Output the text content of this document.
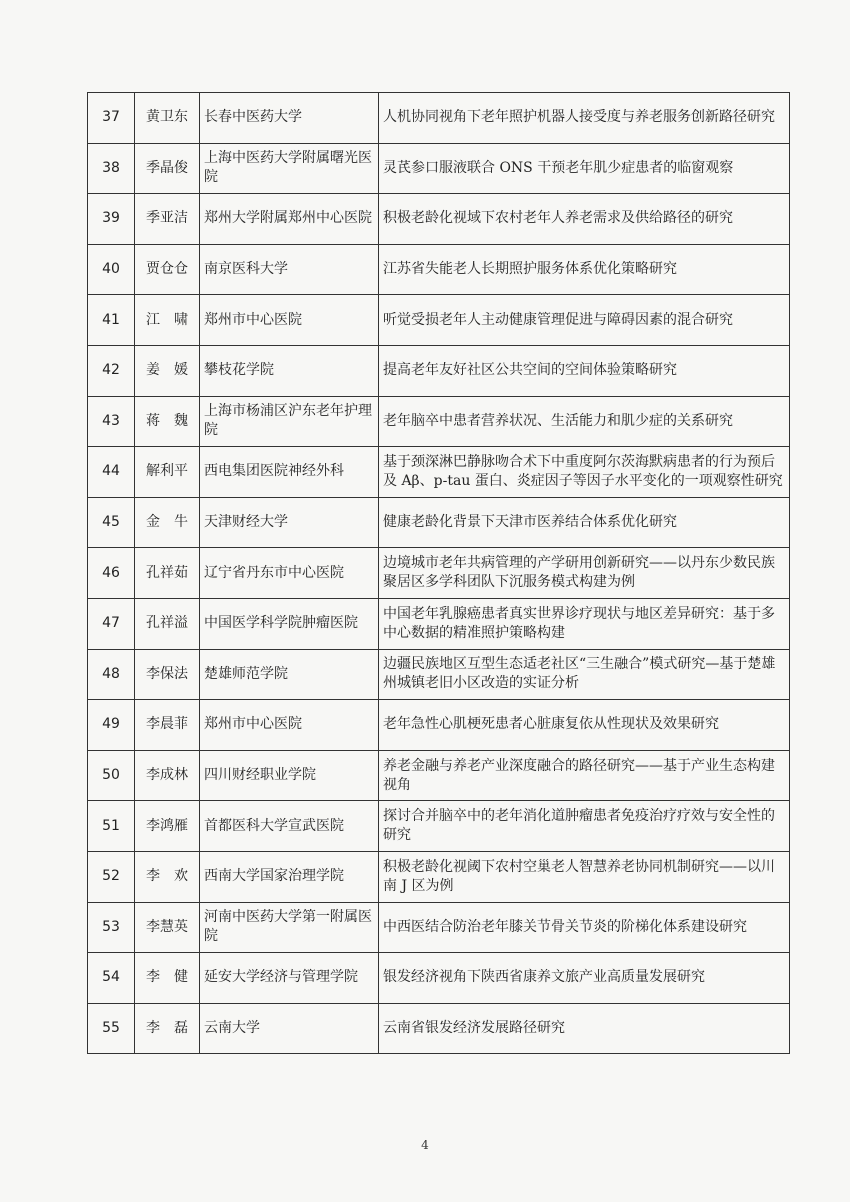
37	黄卫东	长春中医药大学	人机协同视角下老年照护机器人接受度与养老服务创新路径研究
38	季晶俊	上海中医药大学附属曙光医院	灵芪参口服液联合 ONS 干预老年肌少症患者的临窗观察
39	季亚洁	郑州大学附属郑州中心医院	积极老龄化视域下农村老年人养老需求及供给路径的研究
40	贾仓仓	南京医科大学	江苏省失能老人长期照护服务体系优化策略研究
41	江　啸	郑州市中心医院	听觉受损老年人主动健康管理促进与障碍因素的混合研究
42	姜　媛	攀枝花学院	提高老年友好社区公共空间的空间体验策略研究
43	蒋　魏	上海市杨浦区沪东老年护理院	老年脑卒中患者营养状况、生活能力和肌少症的关系研究
44	解利平	西电集团医院神经外科	基于颈深淋巴静脉吻合术下中重度阿尔茨海默病患者的行为预后及 Aβ、p-tau 蛋白、炎症因子等因子水平变化的一项观察性研究
45	金　牛	天津财经大学	健康老龄化背景下天津市医养结合体系优化研究
46	孔祥茹	辽宁省丹东市中心医院	边境城市老年共病管理的产学研用创新研究——以丹东少数民族聚居区多学科团队下沉服务模式构建为例
47	孔祥溢	中国医学科学院肿瘤医院	中国老年乳腺癌患者真实世界诊疗现状与地区差异研究：基于多中心数据的精准照护策略构建
48	李保法	楚雄师范学院	边疆民族地区互型生态适老社区“三生融合”模式研究—基于楚雄州城镇老旧小区改造的实证分析
49	李晨菲	郑州市中心医院	老年急性心肌梗死患者心脏康复依从性现状及效果研究
50	李成林	四川财经职业学院	养老金融与养老产业深度融合的路径研究——基于产业生态构建视角
51	李鸿雁	首都医科大学宣武医院	探讨合并脑卒中的老年消化道肿瘤患者免疫治疗疗效与安全性的研究
52	李　欢	西南大学国家治理学院	积极老龄化视阈下农村空巢老人智慧养老协同机制研究——以川南 J 区为例
53	李慧英	河南中医药大学第一附属医院	中西医结合防治老年膝关节骨关节炎的阶梯化体系建设研究
54	李　健	延安大学经济与管理学院	银发经济视角下陕西省康养文旅产业高质量发展研究
55	李　磊	云南大学	云南省银发经济发展路径研究
4
